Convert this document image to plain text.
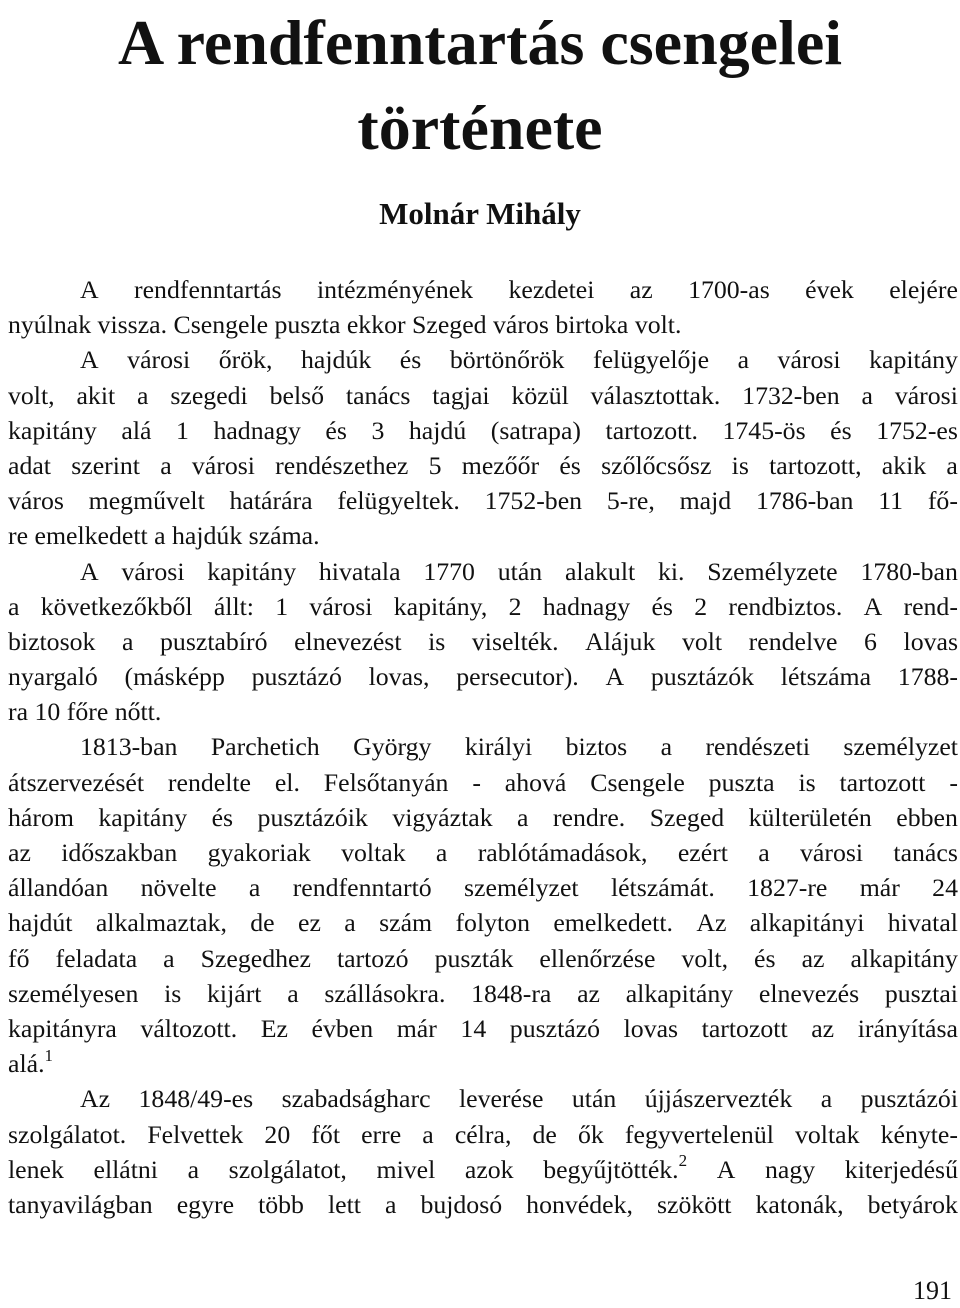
A rendfenntartás csengelei
története
Molnár Mihály
A rendfenntartás intézményének kezdetei az 1700-as évek elejére
nyúlnak vissza. Csengele puszta ekkor Szeged város birtoka volt.
A városi őrök, hajdúk és börtönőrök felügyelője a városi kapitány
volt, akit a szegedi belső tanács tagjai közül választottak. 1732-ben a városi
kapitány alá 1 hadnagy és 3 hajdú (satrapa) tartozott. 1745-ös és 1752-es
adat szerint a városi rendészethez 5 mezőőr és szőlőcsősz is tartozott, akik a
város megművelt határára felügyeltek. 1752-ben 5-re, majd 1786-ban 11 fő-
re emelkedett a hajdúk száma.
A városi kapitány hivatala 1770 után alakult ki. Személyzete 1780-ban
a következőkből állt: 1 városi kapitány, 2 hadnagy és 2 rendbiztos. A rend-
biztosok a pusztabíró elnevezést is viselték. Alájuk volt rendelve 6 lovas
nyargaló (másképp pusztázó lovas, persecutor). A pusztázók létszáma 1788-
ra 10 főre nőtt.
1813-ban Parchetich György királyi biztos a rendészeti személyzet
átszervezését rendelte el. Felsőtanyán - ahová Csengele puszta is tartozott -
három kapitány és pusztázóik vigyáztak a rendre. Szeged külterületén ebben
az időszakban gyakoriak voltak a rablótámadások, ezért a városi tanács
állandóan növelte a rendfenntartó személyzet létszámát. 1827-re már 24
hajdút alkalmaztak, de ez a szám folyton emelkedett. Az alkapitányi hivatal
fő feladata a Szegedhez tartozó puszták ellenőrzése volt, és az alkapitány
személyesen is kijárt a szállásokra. 1848-ra az alkapitány elnevezés pusztai
kapitányra változott. Ez évben már 14 pusztázó lovas tartozott az irányítása
alá.$^1$
Az 1848/49-es szabadságharc leverése után újjászervezték a pusztázói
szolgálatot. Felvettek 20 főt erre a célra, de ők fegyvertelenül voltak kényte-
lenek ellátni a szolgálatot, mivel azok begyűjtötték.$^2$ A nagy kiterjedésű
tanyavilágban egyre több lett a bujdosó honvédek, szökött katonák, betyárok
191
